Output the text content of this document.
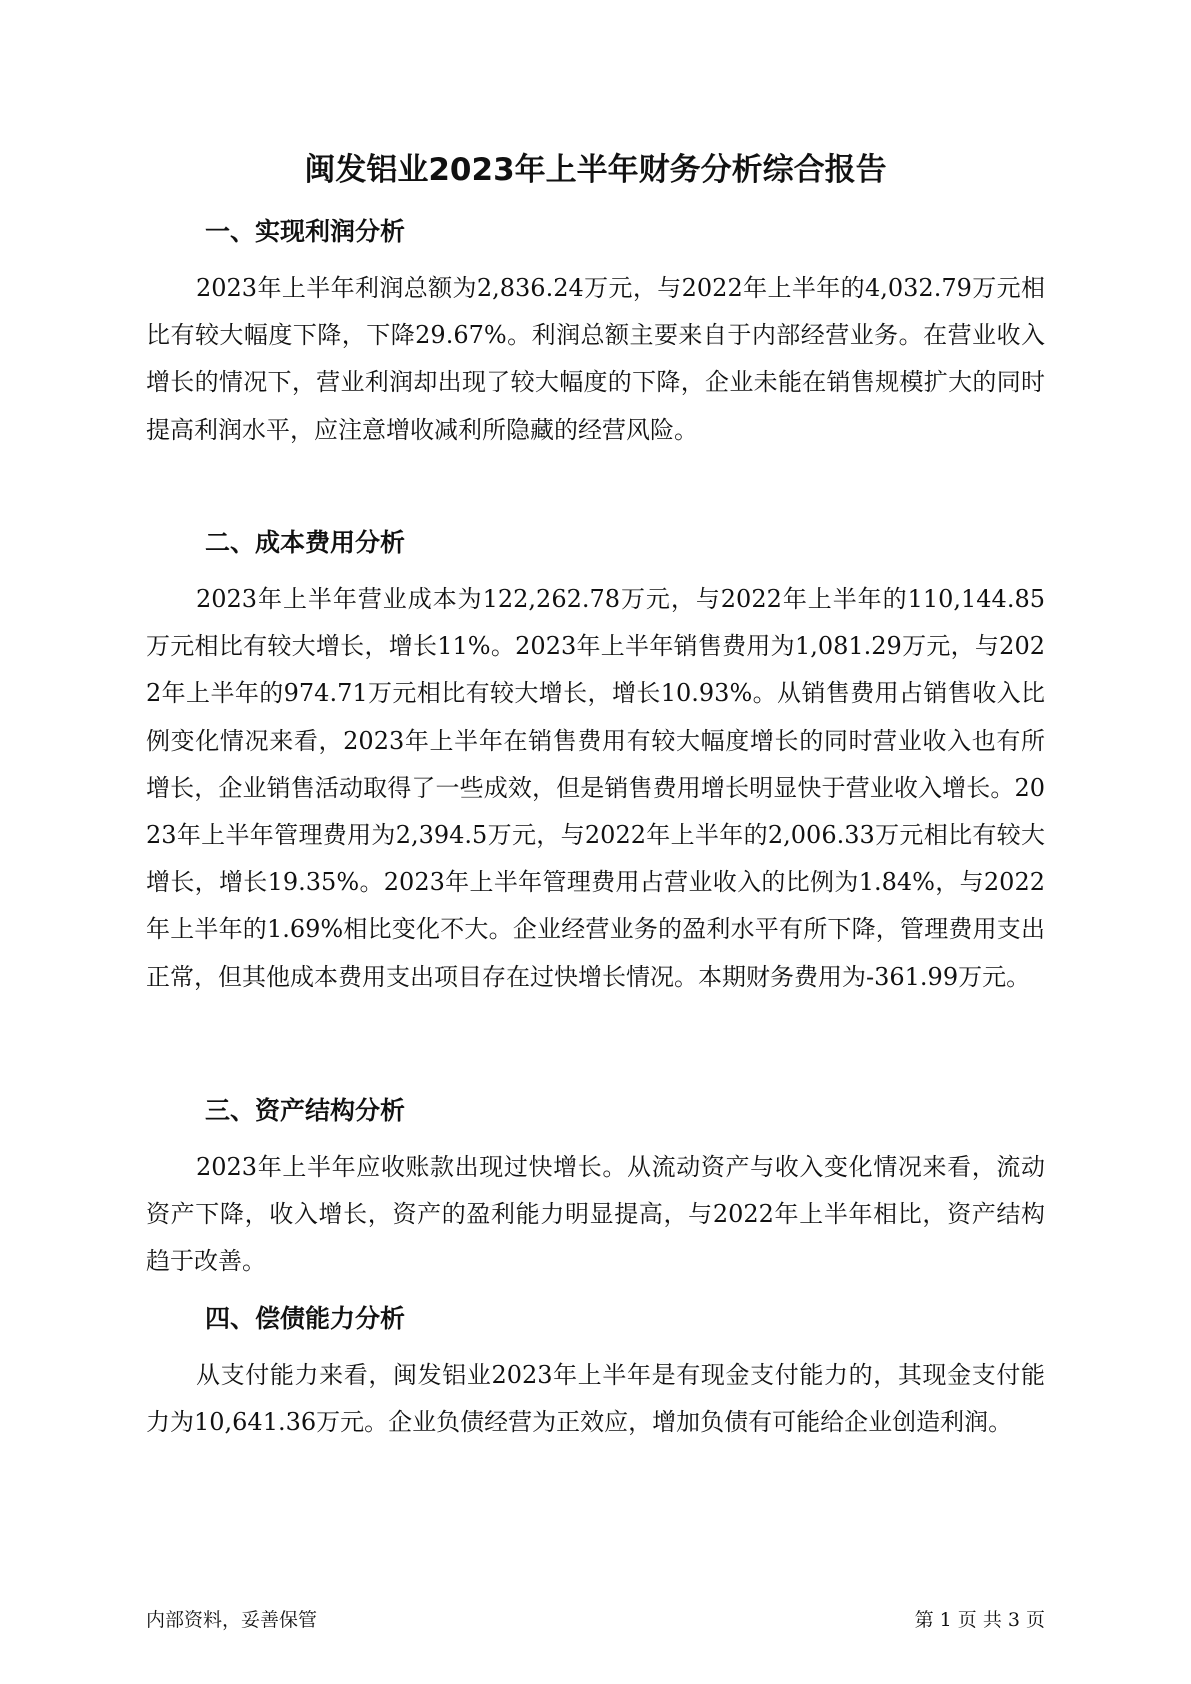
闽发铝业2023年上半年财务分析综合报告
一、实现利润分析

2023年上半年利润总额为2,836.24万元，与2022年上半年的4,032.79万元相比有较大幅度下降，下降29.67%。利润总额主要来自于内部经营业务。在营业收入增长的情况下，营业利润却出现了较大幅度的下降，企业未能在销售规模扩大的同时提高利润水平，应注意增收减利所隐藏的经营风险。

二、成本费用分析

2023年上半年营业成本为122,262.78万元，与2022年上半年的110,144.85万元相比有较大增长，增长11%。2023年上半年销售费用为1,081.29万元，与2022年上半年的974.71万元相比有较大增长，增长10.93%。从销售费用占销售收入比例变化情况来看，2023年上半年在销售费用有较大幅度增长的同时营业收入也有所增长，企业销售活动取得了一些成效，但是销售费用增长明显快于营业收入增长。2023年上半年管理费用为2,394.5万元，与2022年上半年的2,006.33万元相比有较大增长，增长19.35%。2023年上半年管理费用占营业收入的比例为1.84%，与2022年上半年的1.69%相比变化不大。企业经营业务的盈利水平有所下降，管理费用支出正常，但其他成本费用支出项目存在过快增长情况。本期财务费用为-361.99万元。

三、资产结构分析

2023年上半年应收账款出现过快增长。从流动资产与收入变化情况来看，流动资产下降，收入增长，资产的盈利能力明显提高，与2022年上半年相比，资产结构趋于改善。

四、偿债能力分析

从支付能力来看，闽发铝业2023年上半年是有现金支付能力的，其现金支付能力为10,641.36万元。企业负债经营为正效应，增加负债有可能给企业创造利润。

内部资料，妥善保管	第 1 页 共 3 页
